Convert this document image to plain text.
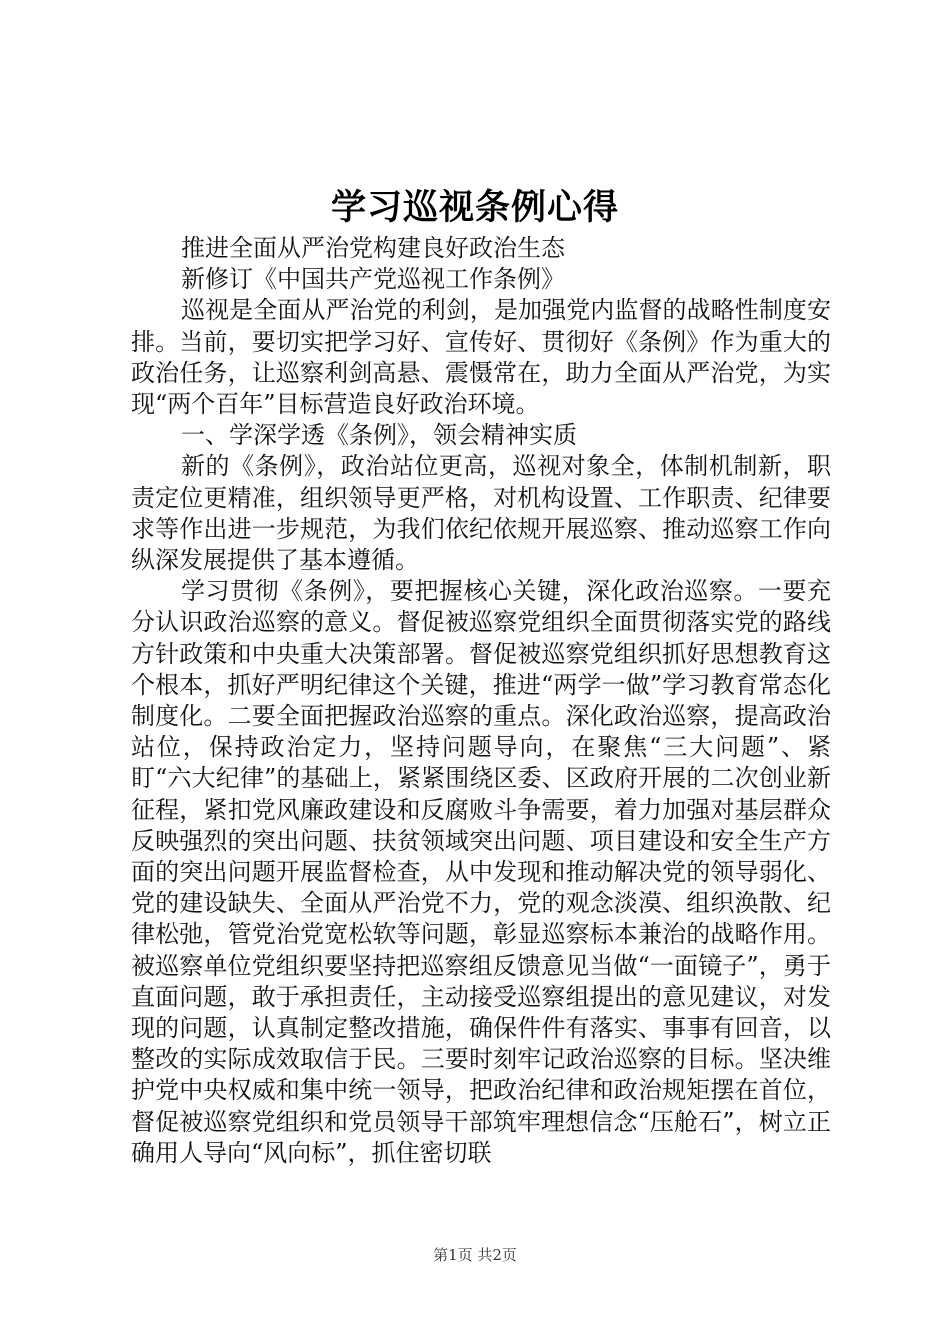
学习巡视条例心得

推进全面从严治党构建良好政治生态

新修订《中国共产党巡视工作条例》

巡视是全面从严治党的利剑，是加强党内监督的战略性制度安排。当前，要切实把学习好、宣传好、贯彻好《条例》作为重大的政治任务，让巡察利剑高悬、震慑常在，助力全面从严治党，为实现“两个百年”目标营造良好政治环境。

一、学深学透《条例》，领会精神实质

新的《条例》，政治站位更高，巡视对象全，体制机制新，职责定位更精准，组织领导更严格，对机构设置、工作职责、纪律要求等作出进一步规范，为我们依纪依规开展巡察、推动巡察工作向纵深发展提供了基本遵循。

学习贯彻《条例》，要把握核心关键，深化政治巡察。一要充分认识政治巡察的意义。督促被巡察党组织全面贯彻落实党的路线方针政策和中央重大决策部署。督促被巡察党组织抓好思想教育这个根本，抓好严明纪律这个关键，推进“两学一做”学习教育常态化制度化。二要全面把握政治巡察的重点。深化政治巡察，提高政治站位，保持政治定力，坚持问题导向，在聚焦“三大问题”、紧盯“六大纪律”的基础上，紧紧围绕区委、区政府开展的二次创业新征程，紧扣党风廉政建设和反腐败斗争需要，着力加强对基层群众反映强烈的突出问题、扶贫领域突出问题、项目建设和安全生产方面的突出问题开展监督检查，从中发现和推动解决党的领导弱化、党的建设缺失、全面从严治党不力，党的观念淡漠、组织涣散、纪律松弛，管党治党宽松软等问题，彰显巡察标本兼治的战略作用。被巡察单位党组织要坚持把巡察组反馈意见当做“一面镜子”，勇于直面问题，敢于承担责任，主动接受巡察组提出的意见建议，对发现的问题，认真制定整改措施，确保件件有落实、事事有回音，以整改的实际成效取信于民。三要时刻牢记政治巡察的目标。坚决维护党中央权威和集中统一领导，把政治纪律和政治规矩摆在首位，督促被巡察党组织和党员领导干部筑牢理想信念“压舱石”，树立正确用人导向“风向标”，抓住密切联

第1页 共2页
